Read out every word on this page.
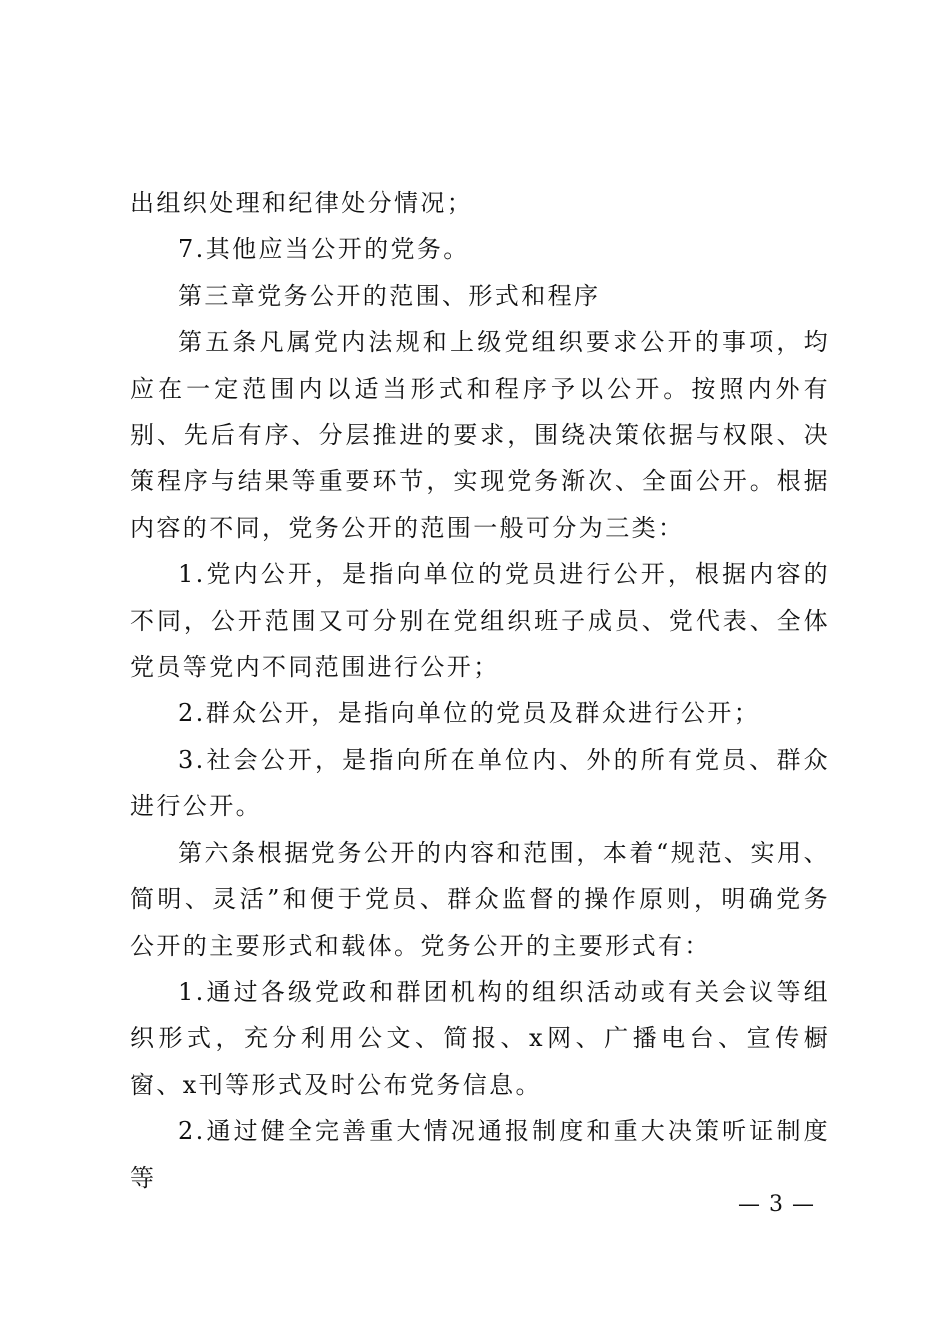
出组织处理和纪律处分情况；

7.其他应当公开的党务。

第三章党务公开的范围、形式和程序

第五条凡属党内法规和上级党组织要求公开的事项，均应在一定范围内以适当形式和程序予以公开。按照内外有别、先后有序、分层推进的要求，围绕决策依据与权限、决策程序与结果等重要环节，实现党务渐次、全面公开。根据内容的不同，党务公开的范围一般可分为三类：

1.党内公开，是指向单位的党员进行公开，根据内容的不同，公开范围又可分别在党组织班子成员、党代表、全体党员等党内不同范围进行公开；

2.群众公开，是指向单位的党员及群众进行公开；

3.社会公开，是指向所在单位内、外的所有党员、群众进行公开。

第六条根据党务公开的内容和范围，本着“规范、实用、简明、灵活”和便于党员、群众监督的操作原则，明确党务公开的主要形式和载体。党务公开的主要形式有：

1.通过各级党政和群团机构的组织活动或有关会议等组织形式，充分利用公文、简报、x网、广播电台、宣传橱窗、x刊等形式及时公布党务信息。

2.通过健全完善重大情况通报制度和重大决策听证制度等

— 3 —
